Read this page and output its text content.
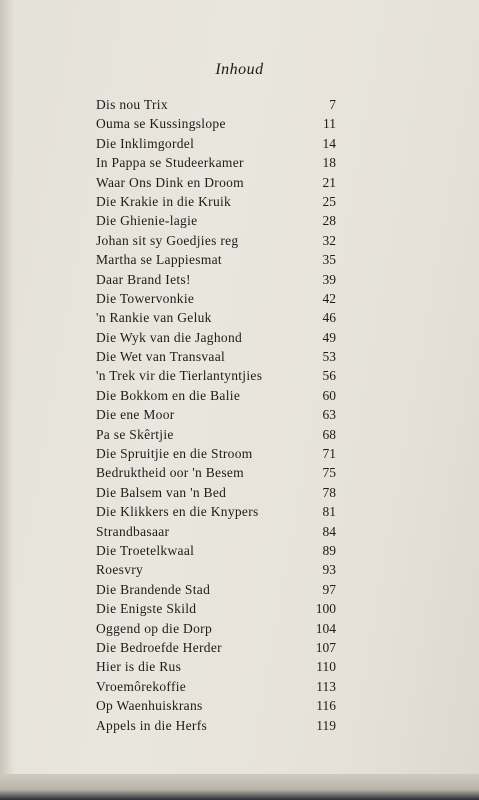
Inhoud
Dis nou Trix	7
Ouma se Kussingslope	11
Die Inklimgordel	14
In Pappa se Studeerkamer	18
Waar Ons Dink en Droom	21
Die Krakie in die Kruik	25
Die Ghienie-lagie	28
Johan sit sy Goedjies reg	32
Martha se Lappiesmat	35
Daar Brand Iets!	39
Die Towervonkie	42
'n Rankie van Geluk	46
Die Wyk van die Jaghond	49
Die Wet van Transvaal	53
'n Trek vir die Tierlantyntjies	56
Die Bokkom en die Balie	60
Die ene Moor	63
Pa se Skêrtjie	68
Die Spruitjie en die Stroom	71
Bedruktheid oor 'n Besem	75
Die Balsem van 'n Bed	78
Die Klikkers en die Knypers	81
Strandbasaar	84
Die Troetelkwaal	89
Roesvry	93
Die Brandende Stad	97
Die Enigste Skild	100
Oggend op die Dorp	104
Die Bedroefde Herder	107
Hier is die Rus	110
Vroemôrekoffie	113
Op Waenhuiskrans	116
Appels in die Herfs	119
